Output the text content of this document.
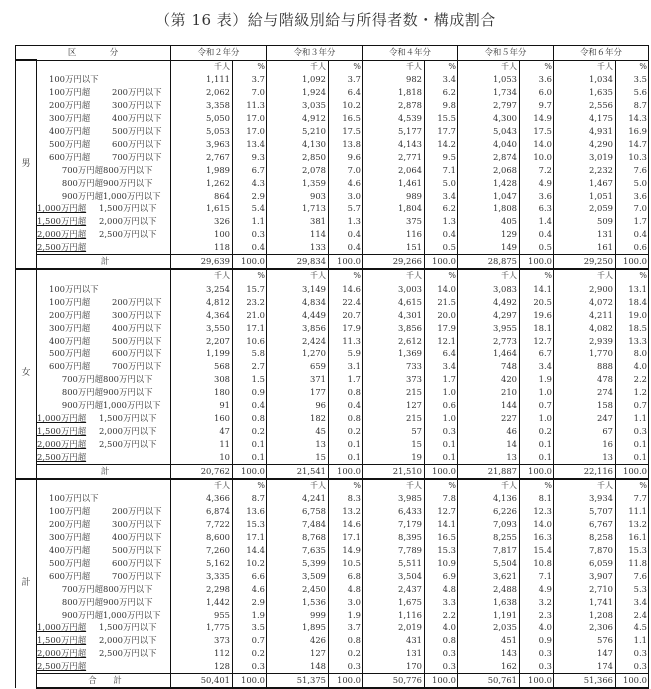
（第 16 表）給与階級別給与所得者数・構成割合
区　　　　分		令和２年分		令和３年分		令和４年分		令和５年分		令和６年分	
男		千人	%	千人	%	千人	%	千人	%	千人	%
	100万円以下	1,111	3.7	1,092	3.7	982	3.4	1,053	3.6	1,034	3.5
	100万円超 200万円以下	2,062	7.0	1,924	6.4	1,818	6.2	1,734	6.0	1,635	5.6
	200万円超 300万円以下	3,358	11.3	3,035	10.2	2,878	9.8	2,797	9.7	2,556	8.7
	300万円超 400万円以下	5,050	17.0	4,912	16.5	4,539	15.5	4,300	14.9	4,175	14.3
	400万円超 500万円以下	5,053	17.0	5,210	17.5	5,177	17.7	5,043	17.5	4,931	16.9
	500万円超 600万円以下	3,963	13.4	4,130	13.8	4,143	14.2	4,040	14.0	4,290	14.7
	600万円超 700万円以下	2,767	9.3	2,850	9.6	2,771	9.5	2,874	10.0	3,019	10.3
	700万円超800万円以下	1,989	6.7	2,078	7.0	2,064	7.1	2,068	7.2	2,232	7.6
	800万円超900万円以下	1,262	4.3	1,359	4.6	1,461	5.0	1,428	4.9	1,467	5.0
	900万円超1,000万円以下	864	2.9	903	3.0	989	3.4	1,047	3.6	1,051	3.6
	1,000万円超 1,500万円以下	1,615	5.4	1,713	5.7	1,804	6.2	1,808	6.3	2,059	7.0
	1,500万円超 2,000万円以下	326	1.1	381	1.3	375	1.3	405	1.4	509	1.7
	2,000万円超 2,500万円以下	100	0.3	114	0.4	116	0.4	129	0.4	131	0.4
	2,500万円超	118	0.4	133	0.4	151	0.5	149	0.5	161	0.6
	計	29,639	100.0	29,834	100.0	29,266	100.0	28,875	100.0	29,250	100.0
女		千人	%	千人	%	千人	%	千人	%	千人	%
	100万円以下	3,254	15.7	3,149	14.6	3,003	14.0	3,083	14.1	2,900	13.1
	100万円超 200万円以下	4,812	23.2	4,834	22.4	4,615	21.5	4,492	20.5	4,072	18.4
	200万円超 300万円以下	4,364	21.0	4,449	20.7	4,301	20.0	4,297	19.6	4,211	19.0
	300万円超 400万円以下	3,550	17.1	3,856	17.9	3,856	17.9	3,955	18.1	4,082	18.5
	400万円超 500万円以下	2,207	10.6	2,424	11.3	2,612	12.1	2,773	12.7	2,939	13.3
	500万円超 600万円以下	1,199	5.8	1,270	5.9	1,369	6.4	1,464	6.7	1,770	8.0
	600万円超 700万円以下	568	2.7	659	3.1	733	3.4	748	3.4	888	4.0
	700万円超800万円以下	308	1.5	371	1.7	373	1.7	420	1.9	478	2.2
	800万円超900万円以下	180	0.9	177	0.8	215	1.0	210	1.0	274	1.2
	900万円超1,000万円以下	91	0.4	96	0.4	127	0.6	144	0.7	158	0.7
	1,000万円超 1,500万円以下	160	0.8	182	0.8	215	1.0	227	1.0	247	1.1
	1,500万円超 2,000万円以下	47	0.2	45	0.2	57	0.3	46	0.2	67	0.3
	2,000万円超 2,500万円以下	11	0.1	13	0.1	15	0.1	14	0.1	16	0.1
	2,500万円超	10	0.1	15	0.1	19	0.1	13	0.1	13	0.1
	計	20,762	100.0	21,541	100.0	21,510	100.0	21,887	100.0	22,116	100.0
計		千人	%	千人	%	千人	%	千人	%	千人	%
	100万円以下	4,366	8.7	4,241	8.3	3,985	7.8	4,136	8.1	3,934	7.7
	100万円超 200万円以下	6,874	13.6	6,758	13.2	6,433	12.7	6,226	12.3	5,707	11.1
	200万円超 300万円以下	7,722	15.3	7,484	14.6	7,179	14.1	7,093	14.0	6,767	13.2
	300万円超 400万円以下	8,600	17.1	8,768	17.1	8,395	16.5	8,255	16.3	8,258	16.1
	400万円超 500万円以下	7,260	14.4	7,635	14.9	7,789	15.3	7,817	15.4	7,870	15.3
	500万円超 600万円以下	5,162	10.2	5,399	10.5	5,511	10.9	5,504	10.8	6,059	11.8
	600万円超 700万円以下	3,335	6.6	3,509	6.8	3,504	6.9	3,621	7.1	3,907	7.6
	700万円超800万円以下	2,298	4.6	2,450	4.8	2,437	4.8	2,488	4.9	2,710	5.3
	800万円超900万円以下	1,442	2.9	1,536	3.0	1,675	3.3	1,638	3.2	1,741	3.4
	900万円超1,000万円以下	955	1.9	999	1.9	1,116	2.2	1,191	2.3	1,208	2.4
	1,000万円超 1,500万円以下	1,775	3.5	1,895	3.7	2,019	4.0	2,035	4.0	2,306	4.5
	1,500万円超 2,000万円以下	373	0.7	426	0.8	431	0.8	451	0.9	576	1.1
	2,000万円超 2,500万円以下	112	0.2	127	0.2	131	0.3	143	0.3	147	0.3
	2,500万円超	128	0.3	148	0.3	170	0.3	162	0.3	174	0.3
	合　　計	50,401	100.0	51,375	100.0	50,776	100.0	50,761	100.0	51,366	100.0
